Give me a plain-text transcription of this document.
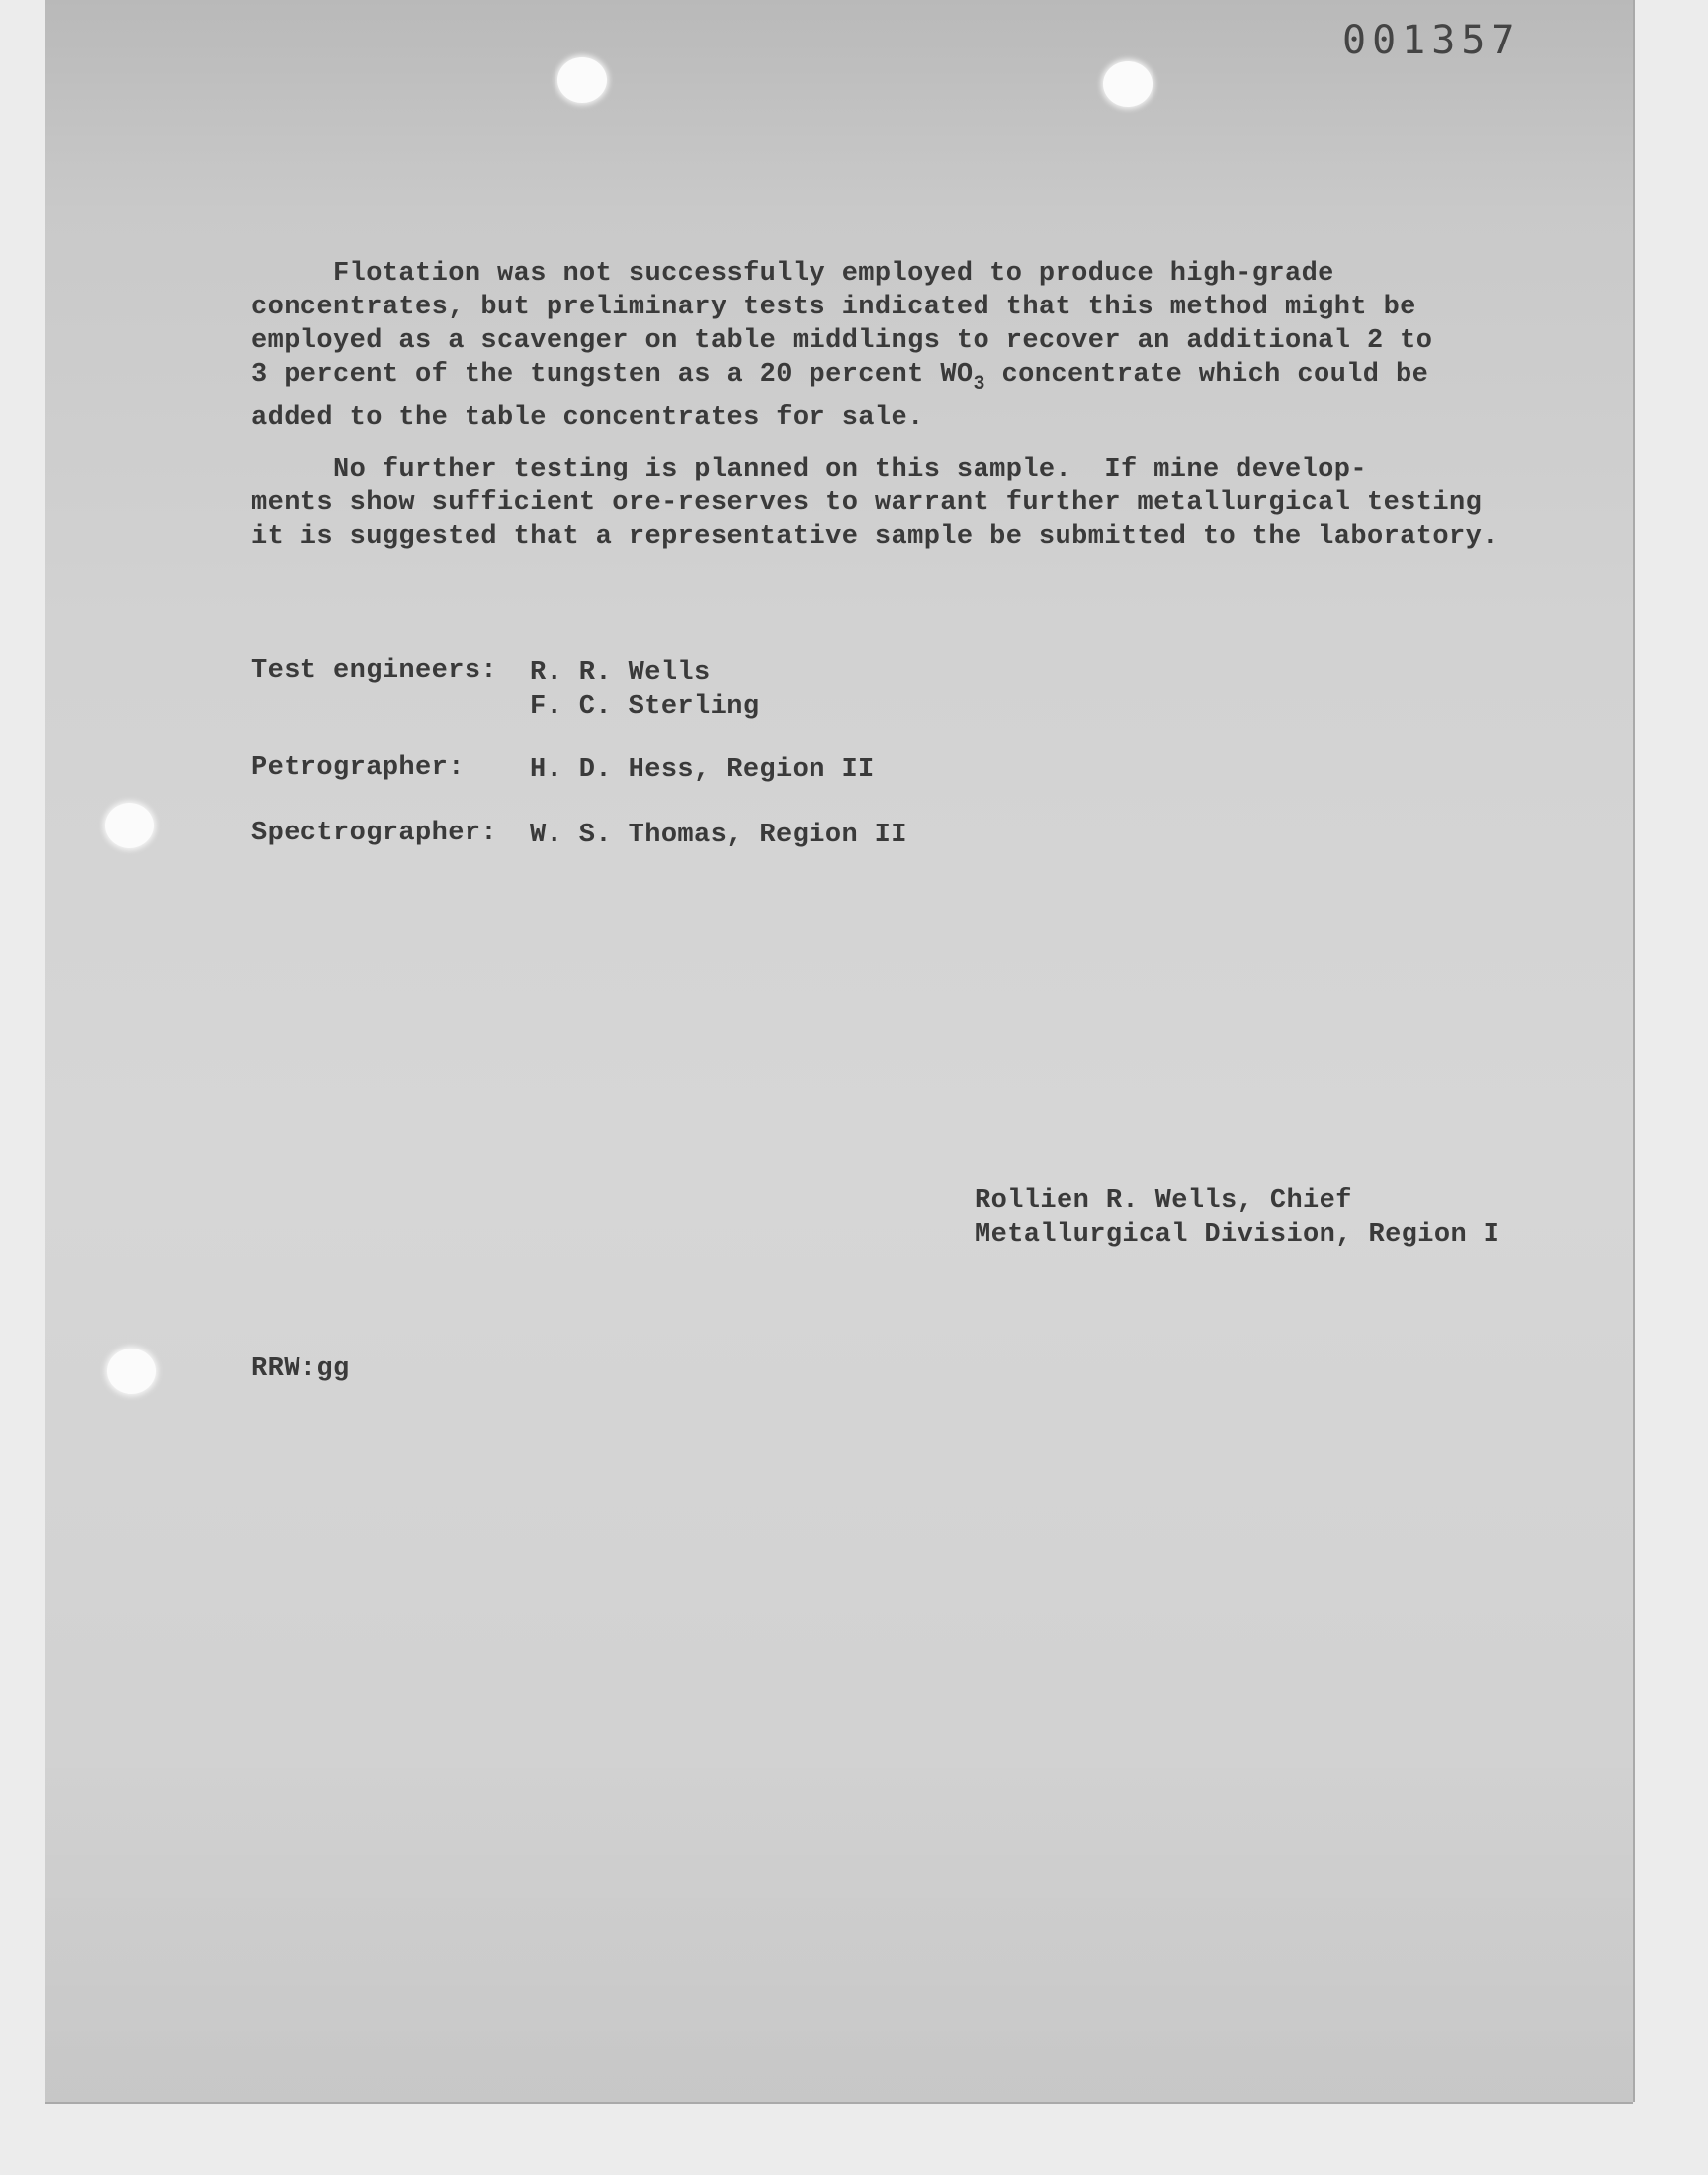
001357

Flotation was not successfully employed to produce high-grade
concentrates, but preliminary tests indicated that this method might be
employed as a scavenger on table middlings to recover an additional 2 to
3 percent of the tungsten as a 20 percent $WO_3$ concentrate which could be
added to the table concentrates for sale.

No further testing is planned on this sample.  If mine develop-
ments show sufficient ore-reserves to warrant further metallurgical testing
it is suggested that a representative sample be submitted to the laboratory.

Test engineers: R. R. Wells
F. C. Sterling
Petrographer: H. D. Hess, Region II
Spectrographer: W. S. Thomas, Region II
Rollien R. Wells, Chief
Metallurgical Division, Region I
RRW:gg
